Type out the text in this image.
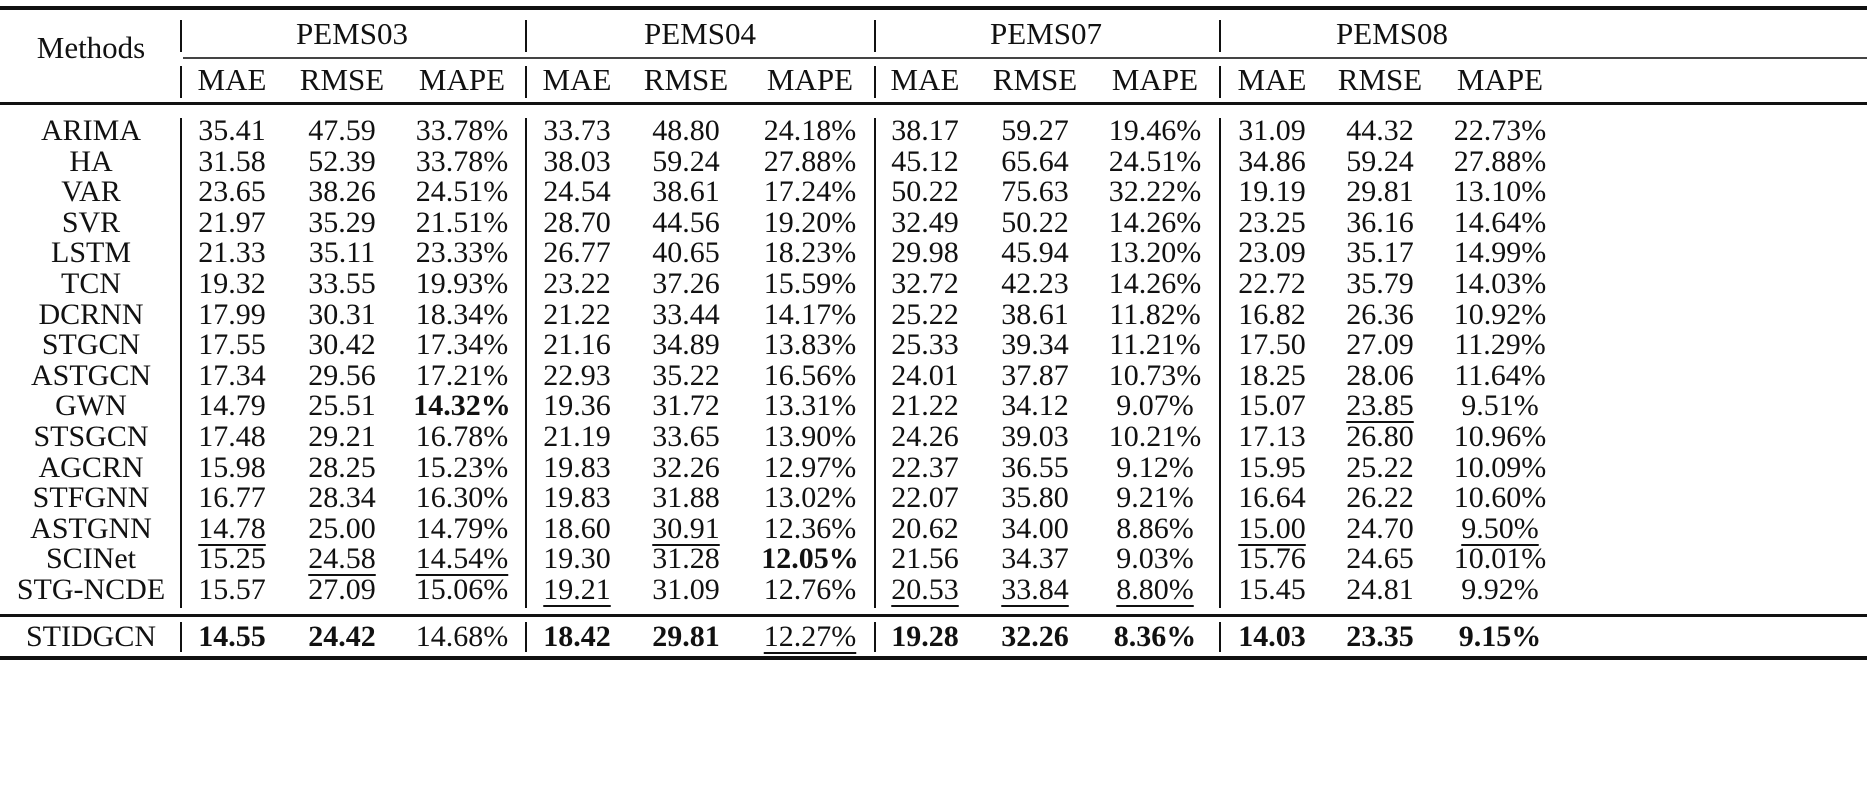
Methods	PEMS03	PEMS04	PEMS07	PEMS08
MAE RMSE MAPE MAE RMSE MAPE MAE RMSE MAPE MAE RMSE MAPE
ARIMA 35.41 47.59 33.78% 33.73 48.80 24.18% 38.17 59.27 19.46% 31.09 44.32 22.73%
HA	31.58 52.39 33.78% 38.03 59.24 27.88% 45.12 65.64 24.51% 34.86 59.24 27.88%
VAR	23.65 38.26 24.51% 24.54 38.61 17.24% 50.22 75.63 32.22% 19.19 29.81 13.10%
SVR	21.97 35.29 21.51% 28.70 44.56 19.20% 32.49 50.22 14.26% 23.25 36.16 14.64%
LSTM 21.33 35.11 23.33% 26.77 40.65 18.23% 29.98 45.94 13.20% 23.09 35.17 14.99%
TCN	19.32 33.55 19.93% 23.22 37.26 15.59% 32.72 42.23 14.26% 22.72 35.79 14.03%
DCRNN 17.99 30.31 18.34% 21.22 33.44 14.17% 25.22 38.61 11.82% 16.82 26.36 10.92%
STGCN 17.55 30.42 17.34% 21.16 34.89 13.83% 25.33 39.34 11.21% 17.50 27.09 11.29%
ASTGCN 17.34 29.56 17.21% 22.93 35.22 16.56% 24.01 37.87 10.73% 18.25 28.06 11.64%
GWN 14.79 25.51 14.32% 19.36 31.72 13.31% 21.22 34.12 9.07% 15.07 23.85 9.51%
STSGCN 17.48 29.21 16.78% 21.19 33.65 13.90% 24.26 39.03 10.21% 17.13 26.80 10.96%
AGCRN 15.98 28.25 15.23% 19.83 32.26 12.97% 22.37 36.55 9.12% 15.95 25.22 10.09%
STFGNN 16.77 28.34 16.30% 19.83 31.88 13.02% 22.07 35.80 9.21% 16.64 26.22 10.60%
ASTGNN 14.78 25.00 14.79% 18.60 30.91 12.36% 20.62 34.00 8.86% 15.00 24.70 9.50%
SCINet 15.25 24.58 14.54% 19.30 31.28 12.05% 21.56 34.37 9.03% 15.76 24.65 10.01%
STG-NCDE 15.57 27.09 15.06% 19.21 31.09 12.76% 20.53 33.84 8.80% 15.45 24.81 9.92%
STIDGCN 14.55 24.42 14.68% 18.42 29.81 12.27% 19.28 32.26 8.36% 14.03 23.35 9.15%
